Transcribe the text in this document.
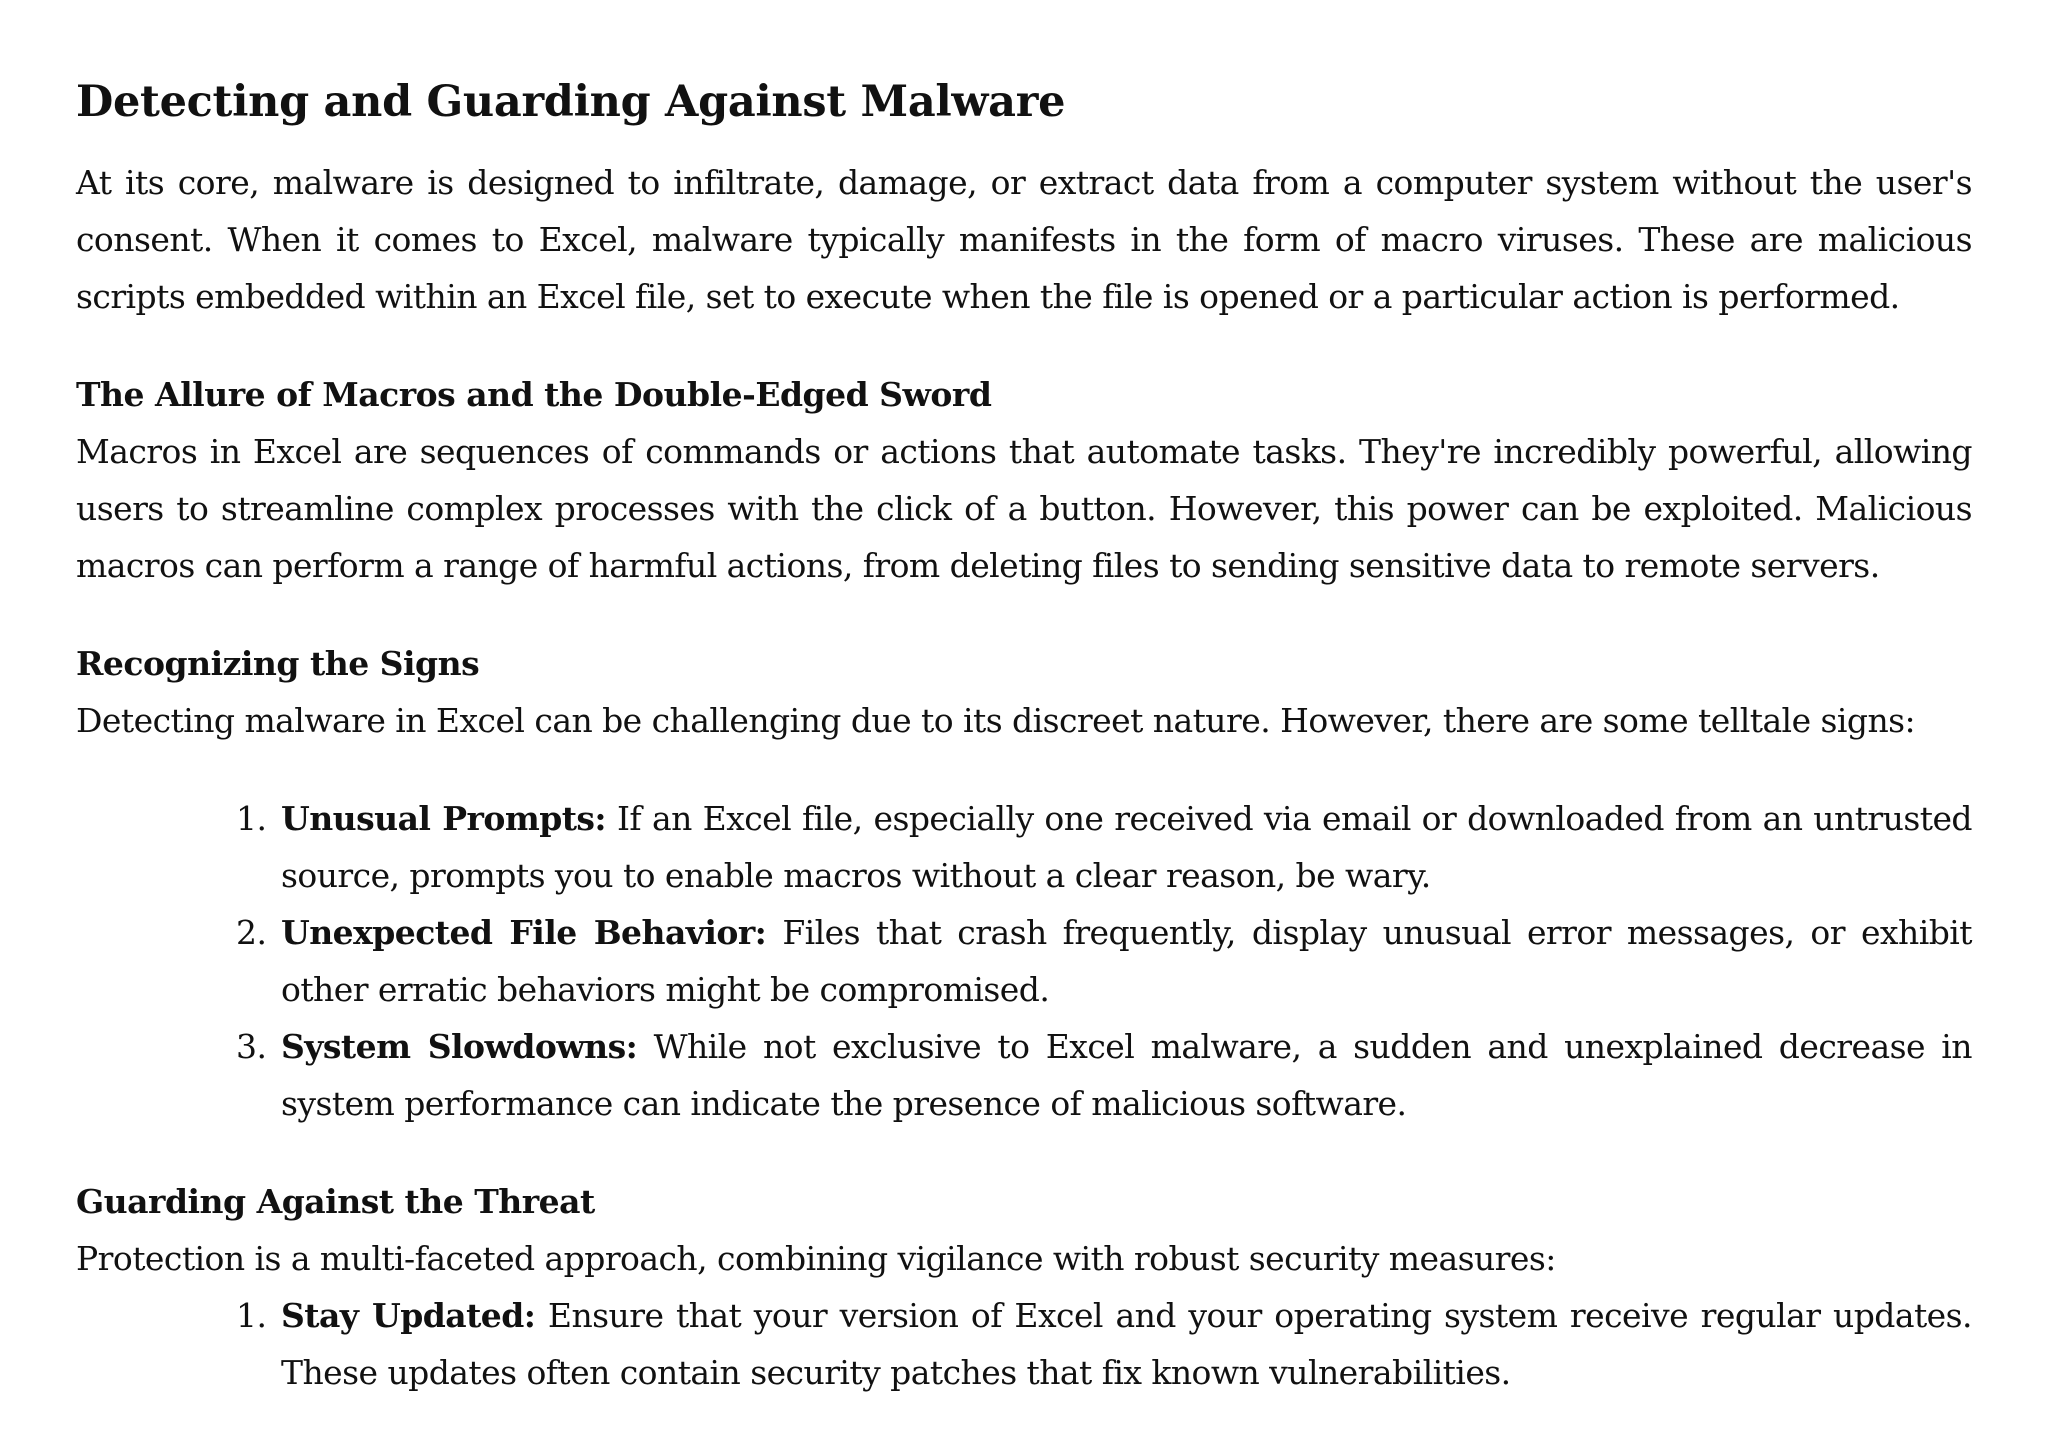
Detecting and Guarding Against Malware

At its core, malware is designed to infiltrate, damage, or extract data from a computer system without the user's consent. When it comes to Excel, malware typically manifests in the form of macro viruses. These are malicious scripts embedded within an Excel file, set to execute when the file is opened or a particular action is performed.

The Allure of Macros and the Double-Edged Sword

Macros in Excel are sequences of commands or actions that automate tasks. They're incredibly powerful, allowing users to streamline complex processes with the click of a button. However, this power can be exploited. Malicious macros can perform a range of harmful actions, from deleting files to sending sensitive data to remote servers.

Recognizing the Signs

Detecting malware in Excel can be challenging due to its discreet nature. However, there are some telltale signs:

1. Unusual Prompts: If an Excel file, especially one received via email or downloaded from an untrusted source, prompts you to enable macros without a clear reason, be wary.
2. Unexpected File Behavior: Files that crash frequently, display unusual error messages, or exhibit other erratic behaviors might be compromised.
3. System Slowdowns: While not exclusive to Excel malware, a sudden and unexplained decrease in system performance can indicate the presence of malicious software.
Guarding Against the Threat

Protection is a multi-faceted approach, combining vigilance with robust security measures:

1. Stay Updated: Ensure that your version of Excel and your operating system receive regular updates. These updates often contain security patches that fix known vulnerabilities.
